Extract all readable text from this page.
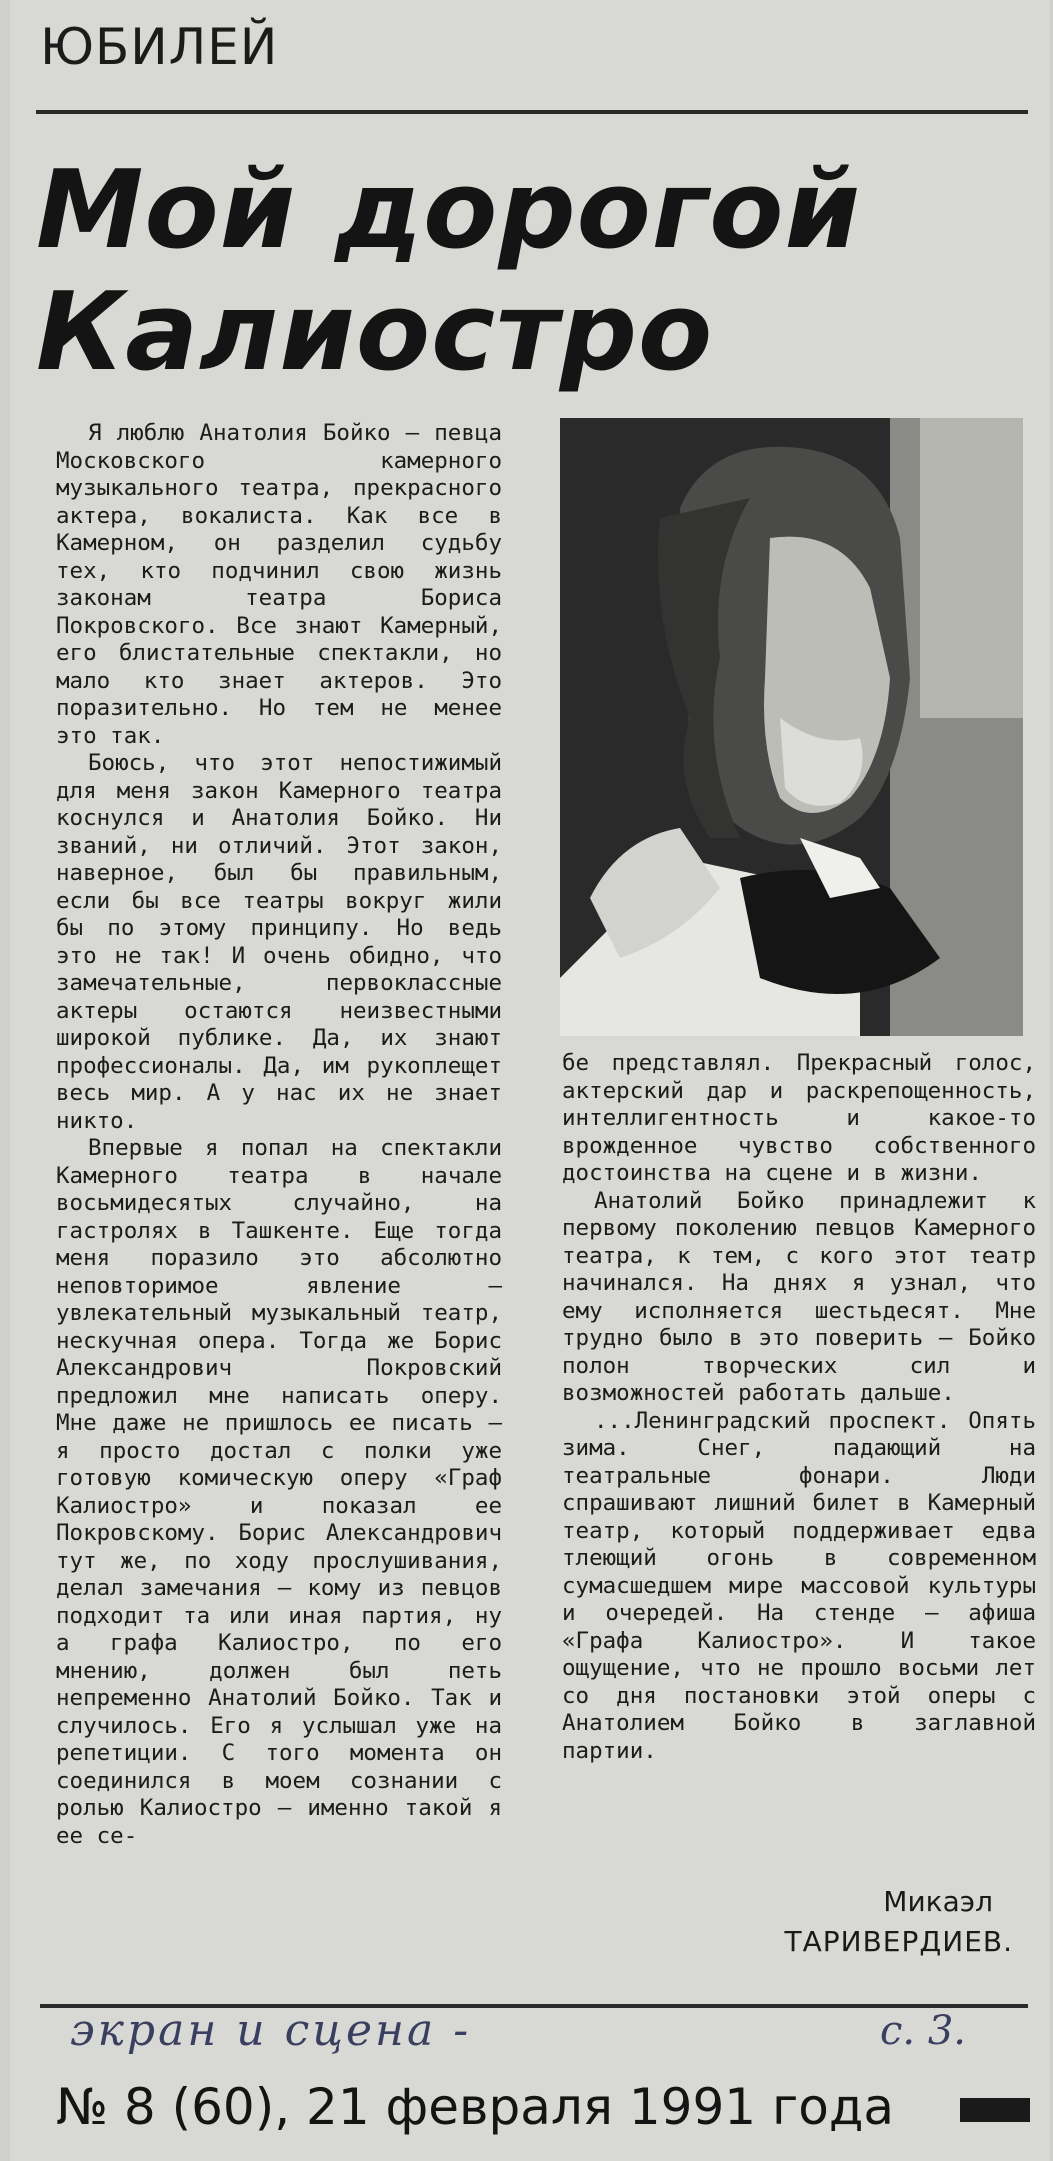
ЮБИЛЕЙ
Мой дорогой Калиостро

Я люблю Анатолия Бойко — певца Московского камерного музыкального театра, прекрасного актера, вокалиста. Как все в Камерном, он разделил судьбу тех, кто подчинил свою жизнь законам театра Бориса Покровского. Все знают Камерный, его блистательные спектакли, но мало кто знает актеров. Это поразительно. Но тем не менее это так.

Боюсь, что этот непостижимый для меня закон Камерного театра коснулся и Анатолия Бойко. Ни званий, ни отличий. Этот закон, наверное, был бы правильным, если бы все театры вокруг жили бы по этому принципу. Но ведь это не так! И очень обидно, что замечательные, первоклассные актеры остаются неизвестными широкой публике. Да, их знают профессионалы. Да, им рукоплещет весь мир. А у нас их не знает никто.

Впервые я попал на спектакли Камерного театра в начале восьмидесятых случайно, на гастролях в Ташкенте. Еще тогда меня поразило это абсолютно неповторимое явление — увлекательный музыкальный театр, нескучная опера. Тогда же Борис Александрович Покровский предложил мне написать оперу. Мне даже не пришлось ее писать — я просто достал с полки уже готовую комическую оперу «Граф Калиостро» и показал ее Покровскому. Борис Александрович тут же, по ходу прослушивания, делал замечания — кому из певцов подходит та или иная партия, ну а графа Калиостро, по его мнению, должен был петь непременно Анатолий Бойко. Так и случилось. Его я услышал уже на репетиции. С того момента он соединился в моем сознании с ролью Калиостро — именно такой я ее се-

бе представлял. Прекрасный голос, актерский дар и раскрепощенность, интеллигентность и какое-то врожденное чувство собственного достоинства на сцене и в жизни.

Анатолий Бойко принадлежит к первому поколению певцов Камерного театра, к тем, с кого этот театр начинался. На днях я узнал, что ему исполняется шестьдесят. Мне трудно было в это поверить — Бойко полон творческих сил и возможностей работать дальше.

...Ленинградский проспект. Опять зима. Снег, падающий на театральные фонари. Люди спрашивают лишний билет в Камерный театр, который поддерживает едва тлеющий огонь в современном сумасшедшем мире массовой культуры и очередей. На стенде — афиша «Графа Калиостро». И такое ощущение, что не прошло восьми лет со дня постановки этой оперы с Анатолием Бойко в заглавной партии.

Микаэл
ТАРИВЕРДИЕВ.
экран и сцена -	с. 3.
№ 8 (60), 21 февраля 1991 года
